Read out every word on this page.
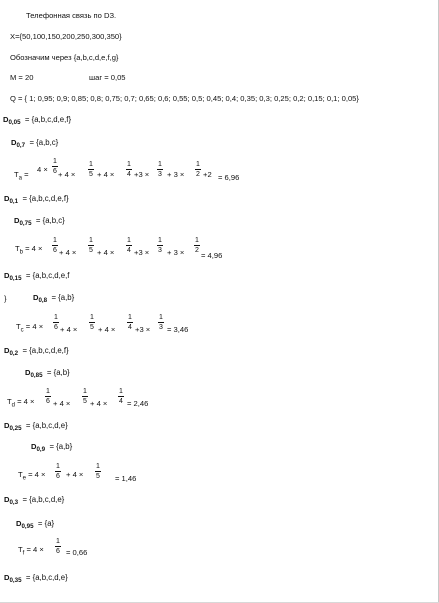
Телефонная связь по DЗ.
X={50,100,150,200,250,300,350}
Обозначим через {a,b,c,d,e,f,g}
M = 20	шаг = 0,05
Q = { 1; 0,95; 0,9; 0,85; 0,8; 0,75; 0,7; 0,65; 0,6; 0,55; 0,5; 0,45; 0,4; 0,35; 0,3; 0,25; 0,2; 0,15; 0,1; 0,05}
$D_{0,05} = \{a,b,c,d,e,f\}$
$D_{0,7} = \{a,b,c\}$
$T_a$ =
4 ×
1
6 + 4 ×
1
5 + 4 ×
1
4 +3 ×
1
3 + 3 ×
1
2 +2 = 6,96
$D_{0,1} = \{a,b,c,d,e,f\}$
$D_{0,75} = \{a,b,c\}$
$T_b = 4$ ×
1
6 + 4 ×
1
5 + 4 ×
1
4 +3 ×
1
3 + 3 ×
1
2
= 4,96
$D_{0,15} = \{a,b,c,d,e,f$
}	$D_{0,8} = \{a,b\}$
$T_c = 4$ ×
1
6 + 4 ×
1
5 + 4 ×
1
4 +3 ×
1
3 = 3,46
$D_{0,2} = \{a,b,c,d,e,f\}$
$D_{0,85} = \{a,b\}$
$T_d = 4$ ×
1
6 + 4 ×
1
5 + 4 ×
1
4 = 2,46
$D_{0,25} = \{a,b,c,d,e\}$
$D_{0,9} = \{a,b\}$
$T_e = 4$ ×
1
6 + 4 ×
1
5 = 1,46
$D_{0,3} = \{a,b,c,d,e\}$
$D_{0,95} = \{a\}$
$T_f = 4$ ×
1
6 = 0,66
$D_{0,35} = \{a,b,c,d,e\}$
